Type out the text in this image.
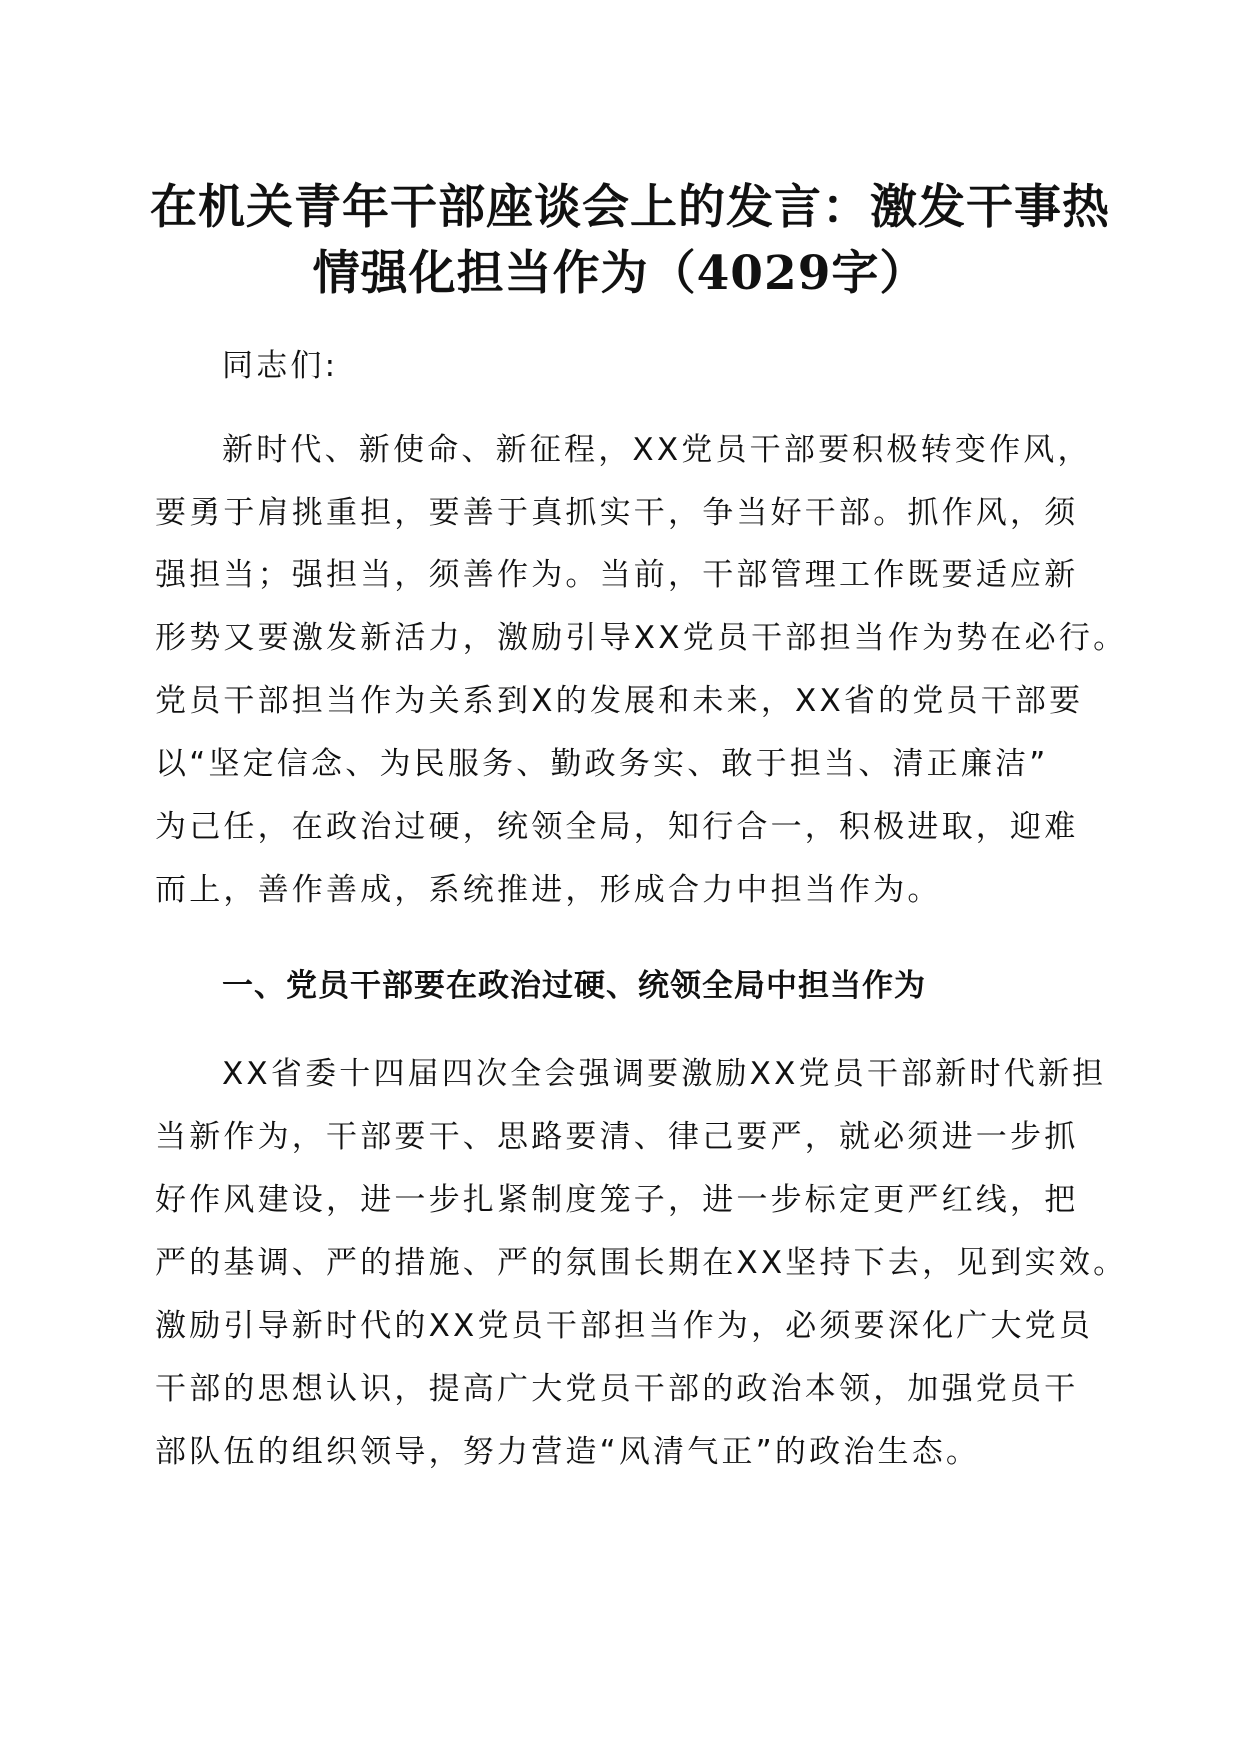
在机关青年干部座谈会上的发言：激发干事热
情强化担当作为（4029字）
同志们:
新时代、新使命、新征程，XX党员干部要积极转变作风，
要勇于肩挑重担，要善于真抓实干，争当好干部。抓作风，须
强担当；强担当，须善作为。当前，干部管理工作既要适应新
形势又要激发新活力，激励引导XX党员干部担当作为势在必行。
党员干部担当作为关系到X的发展和未来，XX省的党员干部要
以“坚定信念、为民服务、勤政务实、敢于担当、清正廉洁”
为己任，在政治过硬，统领全局，知行合一，积极进取，迎难
而上，善作善成，系统推进，形成合力中担当作为。
一、党员干部要在政治过硬、统领全局中担当作为
XX省委十四届四次全会强调要激励XX党员干部新时代新担
当新作为，干部要干、思路要清、律己要严，就必须进一步抓
好作风建设，进一步扎紧制度笼子，进一步标定更严红线，把
严的基调、严的措施、严的氛围长期在XX坚持下去，见到实效。
激励引导新时代的XX党员干部担当作为，必须要深化广大党员
干部的思想认识，提高广大党员干部的政治本领，加强党员干
部队伍的组织领导，努力营造“风清气正”的政治生态。
